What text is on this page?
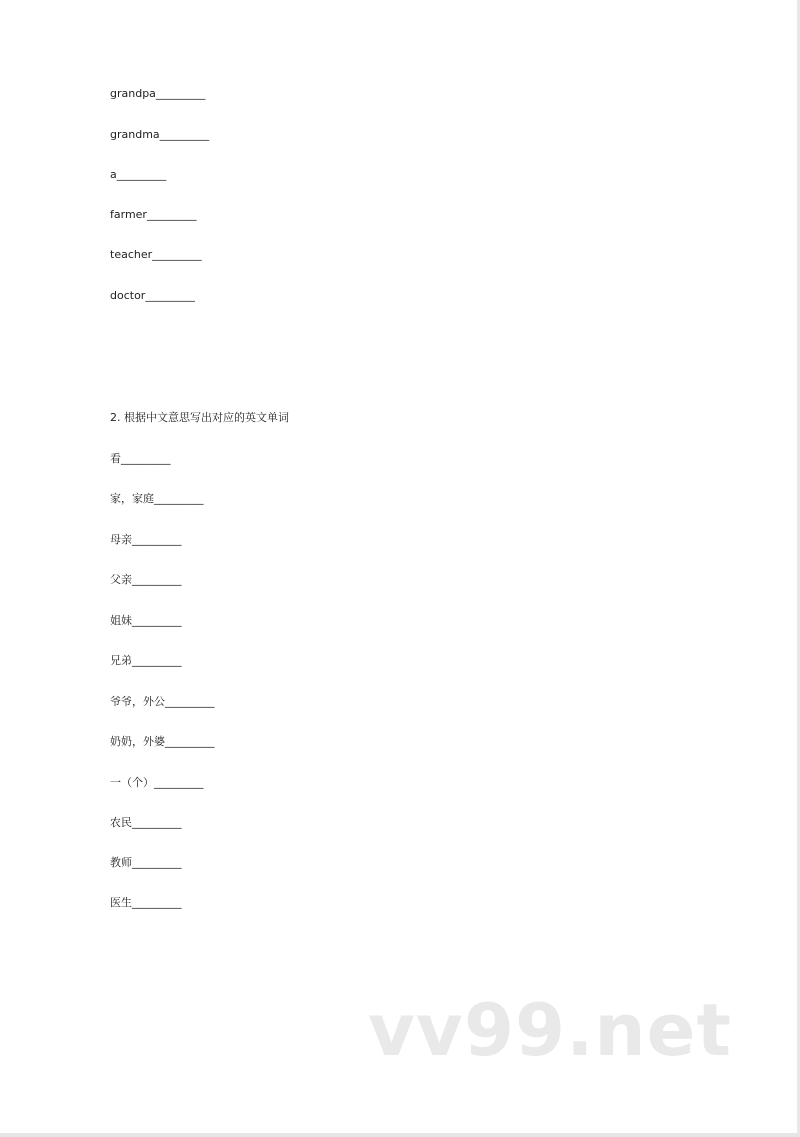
grandpa_________
grandma_________
a_________
farmer_________
teacher_________
doctor_________
2. 根据中文意思写出对应的英文单词
看_________
家，家庭_________
母亲_________
父亲_________
姐妹_________
兄弟_________
爷爷，外公_________
奶奶，外婆_________
一（个）_________
农民_________
教师_________
医生_________
vv99.net
